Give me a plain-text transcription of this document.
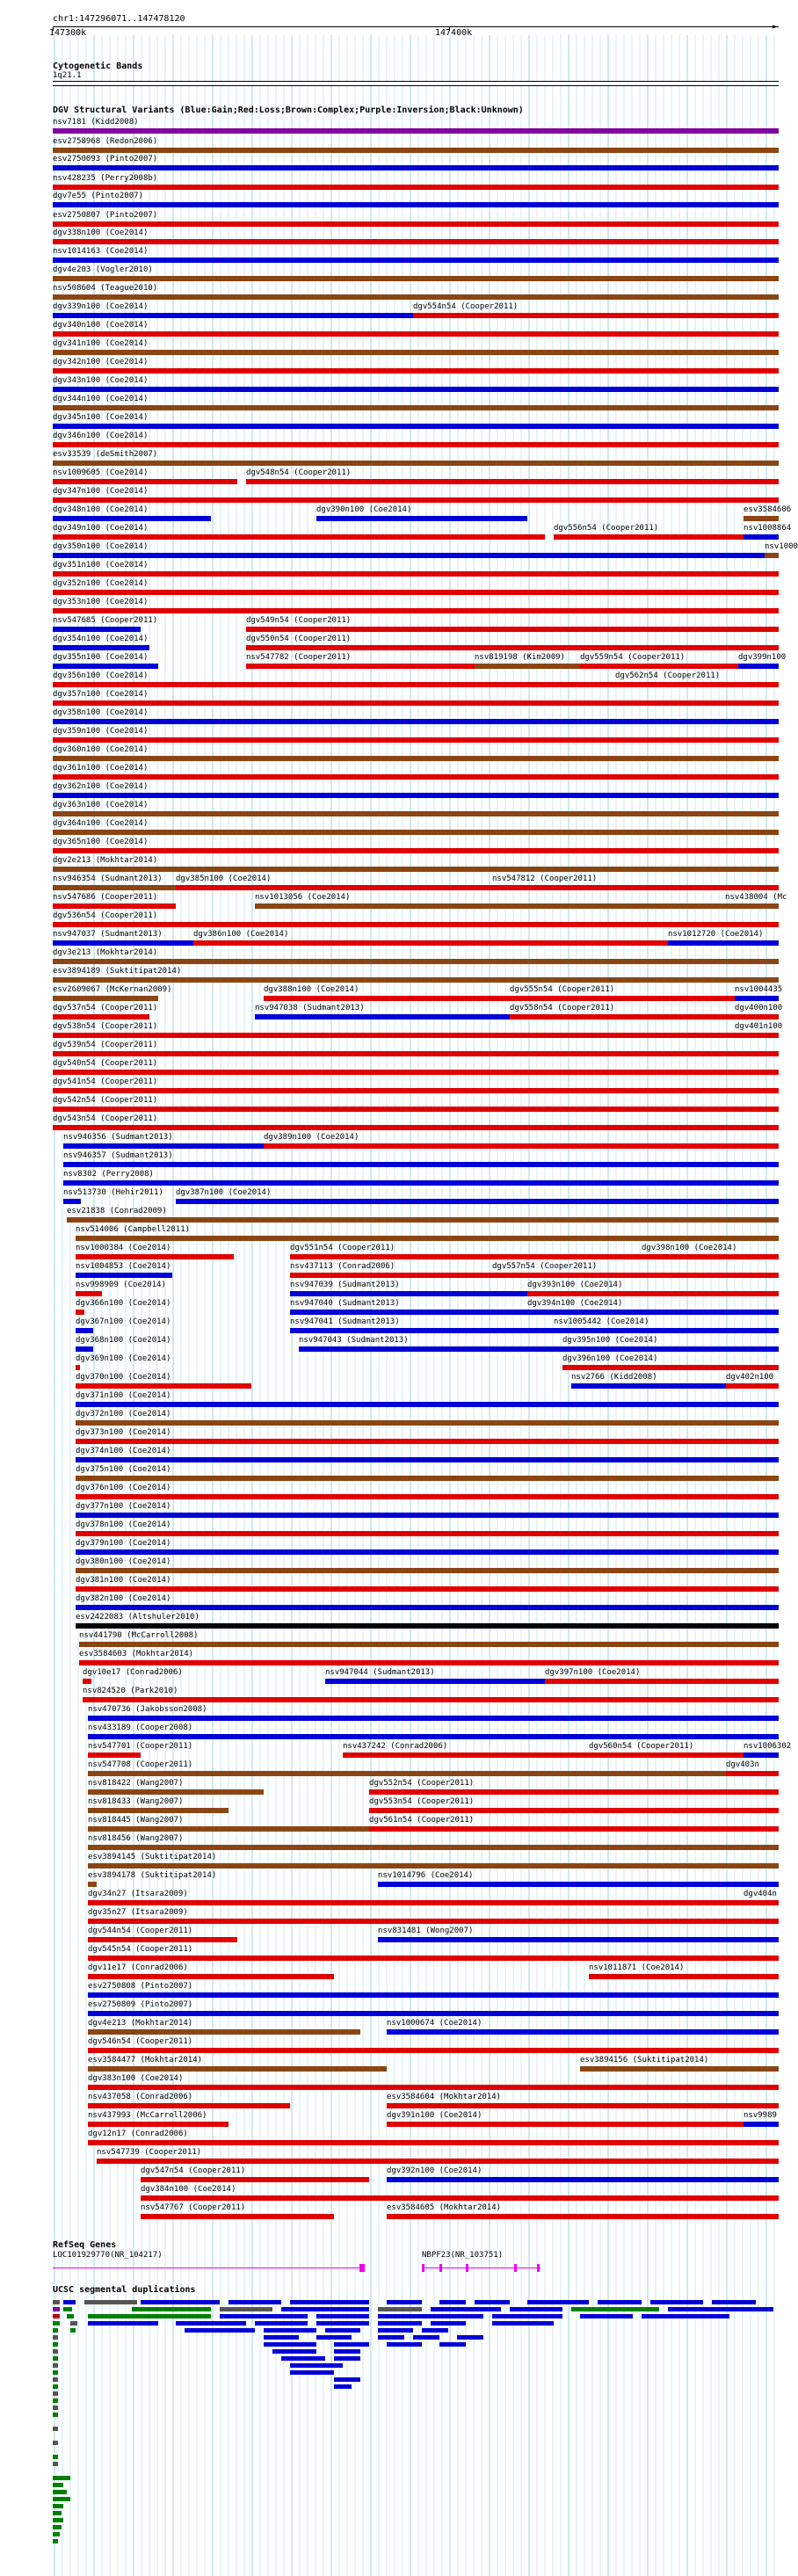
chr1:147296071..147478120
147300k	147400k
►
Cytogenetic Bands
1q21.1
DGV Structural Variants (Blue:Gain;Red:Loss;Brown:Complex;Purple:Inversion;Black:Unknown)
nsv7181 (Kidd2008)
esv2758968 (Redon2006)
esv2750093 (Pinto2007)
nsv428235 (Perry2008b)
dgv7e55 (Pinto2007)
esv2750807 (Pinto2007)
dgv338n100 (Coe2014)
nsv1014163 (Coe2014)
dgv4e203 (Vogler2010)
nsv508604 (Teague2010)
dgv339n100 (Coe2014)	dgv554n54 (Cooper2011)
dgv340n100 (Coe2014)
dgv341n100 (Coe2014)
dgv342n100 (Coe2014)
dgv343n100 (Coe2014)
dgv344n100 (Coe2014)
dgv345n100 (Coe2014)
dgv346n100 (Coe2014)
esv33539 (deSmith2007)
nsv1009605 (Coe2014)	dgv548n54 (Cooper2011)
dgv347n100 (Coe2014)
dgv348n100 (Coe2014)	dgv390n100 (Coe2014)	esv3584606
dgv349n100 (Coe2014)	dgv556n54 (Cooper2011)	nsv1008864
dgv350n100 (Coe2014)	nsv1000
dgv351n100 (Coe2014)
dgv352n100 (Coe2014)
dgv353n100 (Coe2014)
nsv547685 (Cooper2011)	dgv549n54 (Cooper2011)
dgv354n100 (Coe2014)	dgv550n54 (Cooper2011)
dgv355n100 (Coe2014)	nsv547782 (Cooper2011)	nsv819198 (Kim2009) dgv559n54 (Cooper2011)	dgv399n100
dgv356n100 (Coe2014)	dgv562n54 (Cooper2011)
dgv357n100 (Coe2014)
dgv358n100 (Coe2014)
dgv359n100 (Coe2014)
dgv360n100 (Coe2014)
dgv361n100 (Coe2014)
dgv362n100 (Coe2014)
dgv363n100 (Coe2014)
dgv364n100 (Coe2014)
dgv365n100 (Coe2014)
dgv2e213 (Mokhtar2014)
nsv946354 (Sudmant2013) dgv385n100 (Coe2014)	nsv547812 (Cooper2011)
nsv547686 (Cooper2011)	nsv1013056 (Coe2014)	nsv438004 (Mc
dgv536n54 (Cooper2011)
nsv947037 (Sudmant2013)	dgv386n100 (Coe2014)	nsv1012720 (Coe2014)
dgv3e213 (Mokhtar2014)
esv3894189 (Suktitipat2014)
esv2609067 (McKernan2009)	dgv388n100 (Coe2014)	dgv555n54 (Cooper2011)	nsv1004435
dgv537n54 (Cooper2011)	nsv947038 (Sudmant2013)	dgv558n54 (Cooper2011)	dgv400n100
dgv538n54 (Cooper2011)	dgv401n100
dgv539n54 (Cooper2011)
dgv540n54 (Cooper2011)
dgv541n54 (Cooper2011)
dgv542n54 (Cooper2011)
dgv543n54 (Cooper2011)
nsv946356 (Sudmant2013)	dgv389n100 (Coe2014)
nsv946357 (Sudmant2013)
nsv8302 (Perry2008)
nsv513730 (Hehir2011) dgv387n100 (Coe2014)
esv21838 (Conrad2009)
nsv514006 (Campbell2011)
nsv1000384 (Coe2014)	dgv551n54 (Cooper2011)	dgv398n100 (Coe2014)
nsv1004853 (Coe2014)	nsv437113 (Conrad2006)	dgv557n54 (Cooper2011)
nsv998909 (Coe2014)	nsv947039 (Sudmant2013)	dgv393n100 (Coe2014)
dgv366n100 (Coe2014)	nsv947040 (Sudmant2013)	dgv394n100 (Coe2014)
dgv367n100 (Coe2014)	nsv947041 (Sudmant2013)	nsv1005442 (Coe2014)
dgv368n100 (Coe2014)	nsv947043 (Sudmant2013)	dgv395n100 (Coe2014)
dgv369n100 (Coe2014)	dgv396n100 (Coe2014)
dgv370n100 (Coe2014)	nsv2766 (Kidd2008)	dgv402n100
dgv371n100 (Coe2014)
dgv372n100 (Coe2014)
dgv373n100 (Coe2014)
dgv374n100 (Coe2014)
dgv375n100 (Coe2014)
dgv376n100 (Coe2014)
dgv377n100 (Coe2014)
dgv378n100 (Coe2014)
dgv379n100 (Coe2014)
dgv380n100 (Coe2014)
dgv381n100 (Coe2014)
dgv382n100 (Coe2014)
esv2422083 (Altshuler2010)
nsv441790 (McCarroll2008)
esv3584603 (Mokhtar2014)
dgv10e17 (Conrad2006)	nsv947044 (Sudmant2013)	dgv397n100 (Coe2014)
nsv824520 (Park2010)
nsv470736 (Jakobsson2008)
nsv433189 (Cooper2008)
nsv547701 (Cooper2011)	nsv437242 (Conrad2006)	dgv560n54 (Cooper2011)	nsv1006302
nsv547708 (Cooper2011)	dgv403n
nsv818422 (Wang2007)	dgv552n54 (Cooper2011)
nsv818433 (Wang2007)	dgv553n54 (Cooper2011)
nsv818445 (Wang2007)	dgv561n54 (Cooper2011)
nsv818456 (Wang2007)
esv3894145 (Suktitipat2014)
esv3894178 (Suktitipat2014)	nsv1014796 (Coe2014)
dgv34n27 (Itsara2009)	dgv404n
dgv35n27 (Itsara2009)
dgv544n54 (Cooper2011)	nsv831481 (Wong2007)
dgv545n54 (Cooper2011)
dgv11e17 (Conrad2006)	nsv1011871 (Coe2014)
esv2750808 (Pinto2007)
esv2750809 (Pinto2007)
dgv4e213 (Mokhtar2014)	nsv1000674 (Coe2014)
dgv546n54 (Cooper2011)
esv3584477 (Mokhtar2014)	esv3894156 (Suktitipat2014)
dgv383n100 (Coe2014)
nsv437058 (Conrad2006)	esv3584604 (Mokhtar2014)
nsv437993 (McCarroll2006)	dgv391n100 (Coe2014)	nsv9989
dgv12n17 (Conrad2006)
nsv547739 (Cooper2011)
dgv547n54 (Cooper2011)	dgv392n100 (Coe2014)
dgv384n100 (Coe2014)
nsv547767 (Cooper2011)	esv3584605 (Mokhtar2014)
RefSeq Genes
LOC101929770(NR_104217)	NBPF23(NR_103751)
UCSC segmental duplications
